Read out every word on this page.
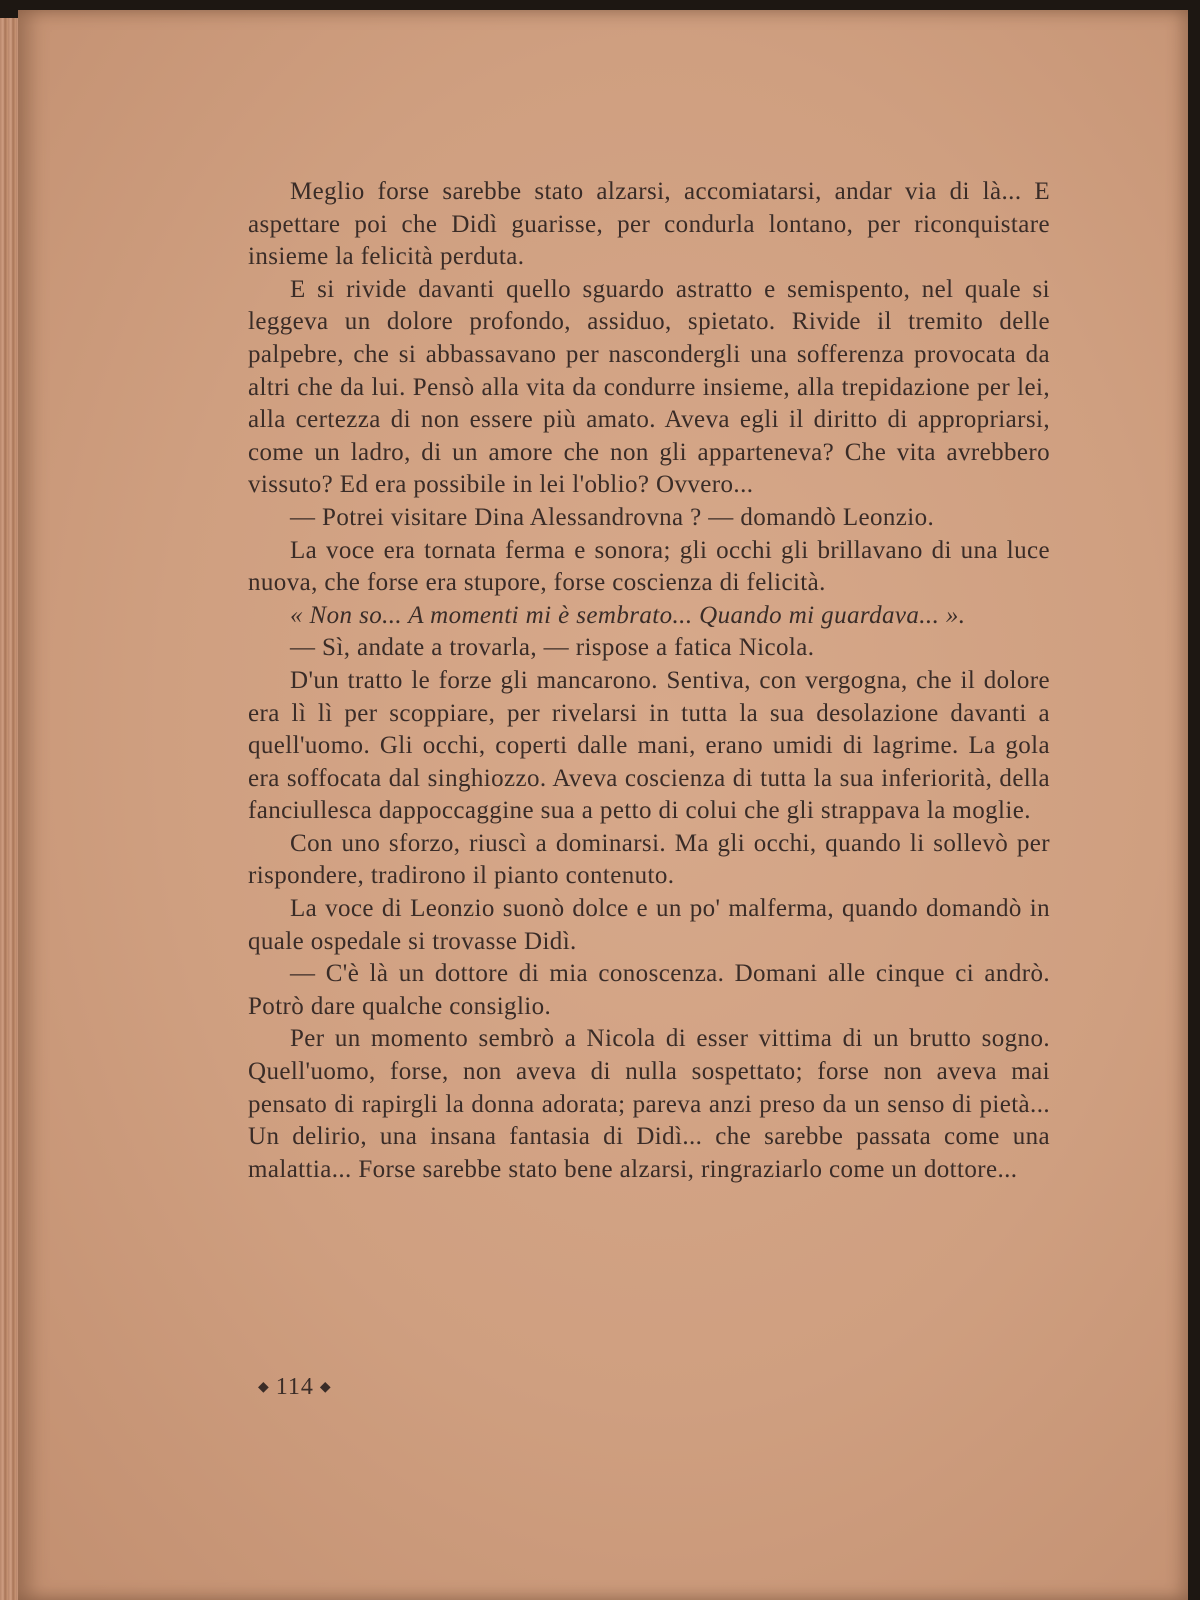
Meglio forse sarebbe stato alzarsi, accomiatarsi, andar via di là... E aspettare poi che Didì guarisse, per condurla lontano, per riconquistare insieme la felicità perduta.

E si rivide davanti quello sguardo astratto e semispento, nel quale si leggeva un dolore profondo, assiduo, spietato. Rivide il tremito delle palpebre, che si abbassavano per nascondergli una sofferenza provocata da altri che da lui. Pensò alla vita da condurre insieme, alla trepidazione per lei, alla certezza di non essere più amato. Aveva egli il diritto di appropriarsi, come un ladro, di un amore che non gli apparteneva? Che vita avrebbero vissuto? Ed era possibile in lei l'oblio? Ovvero...

— Potrei visitare Dina Alessandrovna ? — domandò Leonzio.

La voce era tornata ferma e sonora; gli occhi gli brillavano di una luce nuova, che forse era stupore, forse coscienza di felicità.

« Non so... A momenti mi è sembrato... Quando mi guardava... ».

— Sì, andate a trovarla, — rispose a fatica Nicola.

D'un tratto le forze gli mancarono. Sentiva, con vergogna, che il dolore era lì lì per scoppiare, per rivelarsi in tutta la sua desolazione davanti a quell'uomo. Gli occhi, coperti dalle mani, erano umidi di lagrime. La gola era soffocata dal singhiozzo. Aveva coscienza di tutta la sua inferiorità, della fanciullesca dappoccaggine sua a petto di colui che gli strappava la moglie.

Con uno sforzo, riuscì a dominarsi. Ma gli occhi, quando li sollevò per rispondere, tradirono il pianto contenuto.

La voce di Leonzio suonò dolce e un po' malferma, quando domandò in quale ospedale si trovasse Didì.

— C'è là un dottore di mia conoscenza. Domani alle cinque ci andrò. Potrò dare qualche consiglio.

Per un momento sembrò a Nicola di esser vittima di un brutto sogno. Quell'uomo, forse, non aveva di nulla sospettato; forse non aveva mai pensato di rapirgli la donna adorata; pareva anzi preso da un senso di pietà... Un delirio, una insana fantasia di Didì... che sarebbe passata come una malattia... Forse sarebbe stato bene alzarsi, ringraziarlo come un dottore...

◆ 114 ◆
